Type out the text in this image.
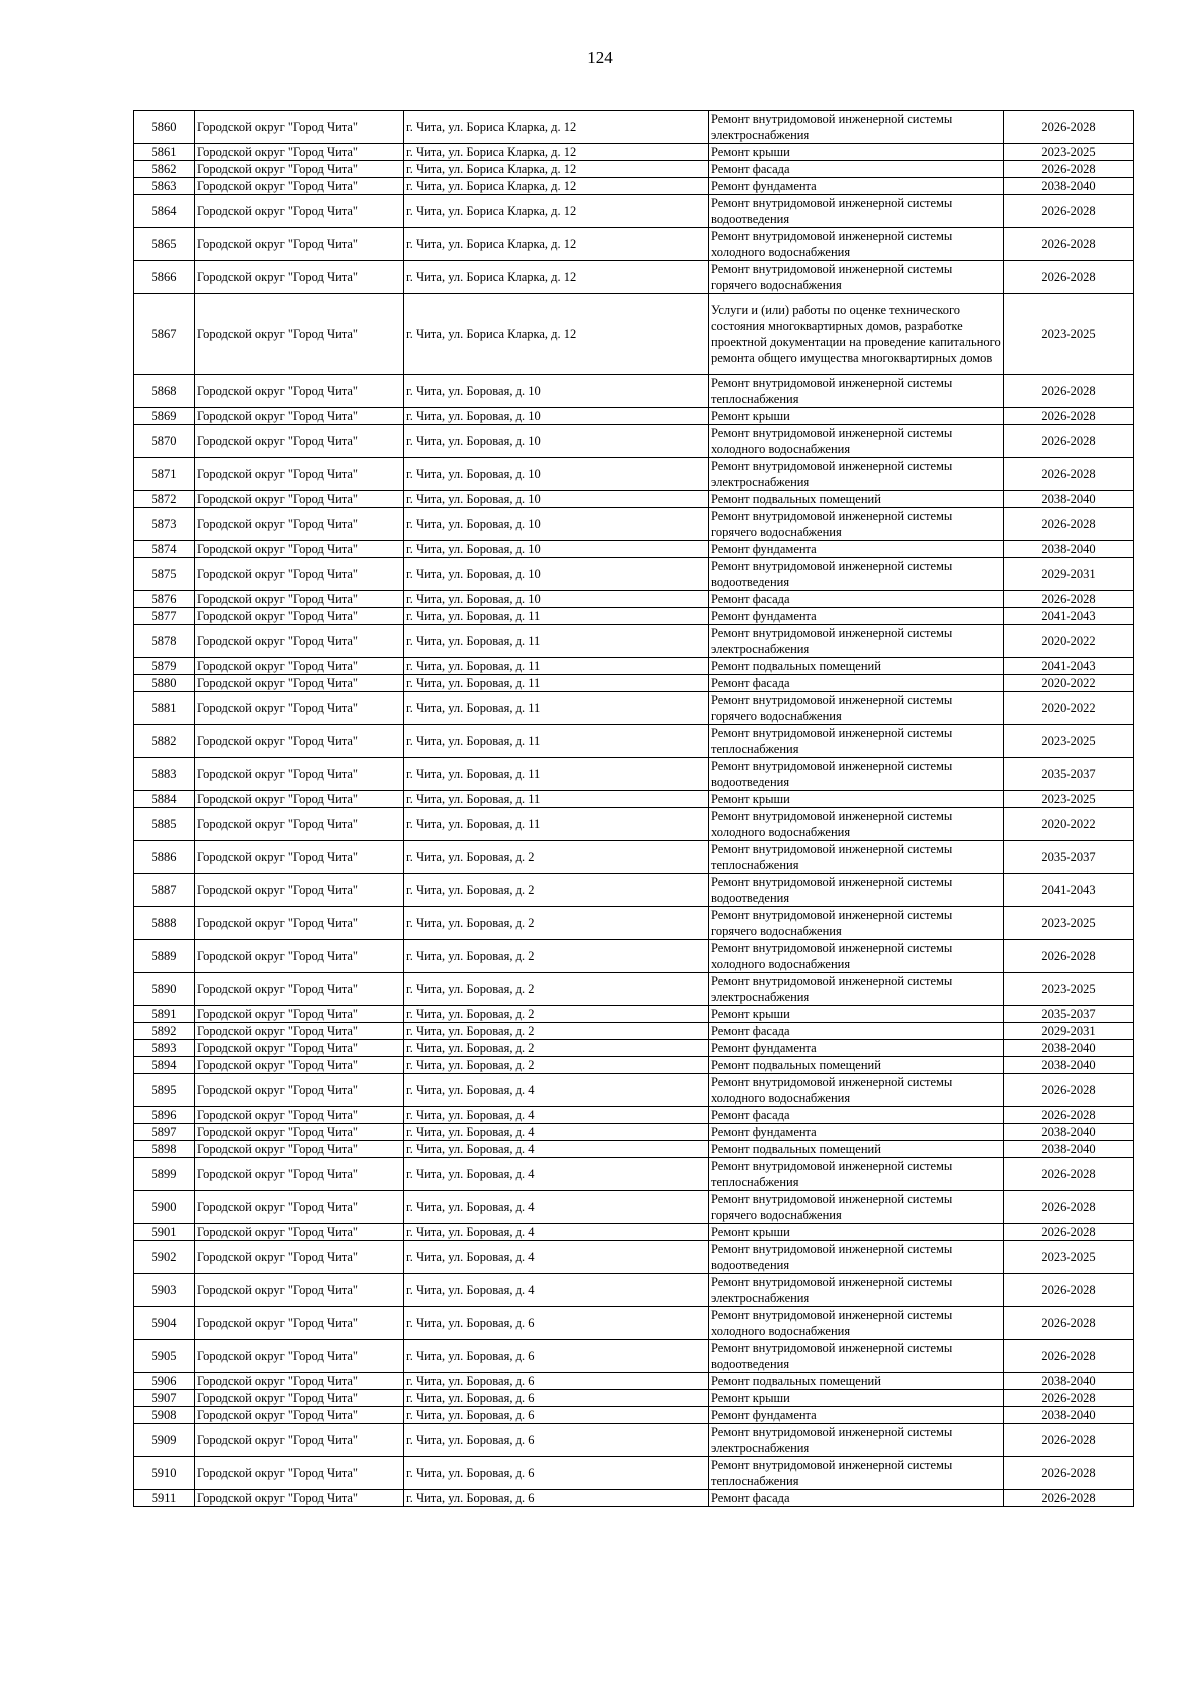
124
5860	Городской округ "Город Чита"	г. Чита, ул. Бориса Кларка, д. 12	Ремонт внутридомовой инженерной системы электроснабжения	2026-2028
5861	Городской округ "Город Чита"	г. Чита, ул. Бориса Кларка, д. 12	Ремонт крыши	2023-2025
5862	Городской округ "Город Чита"	г. Чита, ул. Бориса Кларка, д. 12	Ремонт фасада	2026-2028
5863	Городской округ "Город Чита"	г. Чита, ул. Бориса Кларка, д. 12	Ремонт фундамента	2038-2040
5864	Городской округ "Город Чита"	г. Чита, ул. Бориса Кларка, д. 12	Ремонт внутридомовой инженерной системы водоотведения	2026-2028
5865	Городской округ "Город Чита"	г. Чита, ул. Бориса Кларка, д. 12	Ремонт внутридомовой инженерной системы холодного водоснабжения	2026-2028
5866	Городской округ "Город Чита"	г. Чита, ул. Бориса Кларка, д. 12	Ремонт внутридомовой инженерной системы горячего водоснабжения	2026-2028
5867	Городской округ "Город Чита"	г. Чита, ул. Бориса Кларка, д. 12	Услуги и (или) работы по оценке технического состояния многоквартирных домов, разработке проектной документации на проведение капитального ремонта общего имущества многоквартирных домов	2023-2025
5868	Городской округ "Город Чита"	г. Чита, ул. Боровая, д. 10	Ремонт внутридомовой инженерной системы теплоснабжения	2026-2028
5869	Городской округ "Город Чита"	г. Чита, ул. Боровая, д. 10	Ремонт крыши	2026-2028
5870	Городской округ "Город Чита"	г. Чита, ул. Боровая, д. 10	Ремонт внутридомовой инженерной системы холодного водоснабжения	2026-2028
5871	Городской округ "Город Чита"	г. Чита, ул. Боровая, д. 10	Ремонт внутридомовой инженерной системы электроснабжения	2026-2028
5872	Городской округ "Город Чита"	г. Чита, ул. Боровая, д. 10	Ремонт подвальных помещений	2038-2040
5873	Городской округ "Город Чита"	г. Чита, ул. Боровая, д. 10	Ремонт внутридомовой инженерной системы горячего водоснабжения	2026-2028
5874	Городской округ "Город Чита"	г. Чита, ул. Боровая, д. 10	Ремонт фундамента	2038-2040
5875	Городской округ "Город Чита"	г. Чита, ул. Боровая, д. 10	Ремонт внутридомовой инженерной системы водоотведения	2029-2031
5876	Городской округ "Город Чита"	г. Чита, ул. Боровая, д. 10	Ремонт фасада	2026-2028
5877	Городской округ "Город Чита"	г. Чита, ул. Боровая, д. 11	Ремонт фундамента	2041-2043
5878	Городской округ "Город Чита"	г. Чита, ул. Боровая, д. 11	Ремонт внутридомовой инженерной системы электроснабжения	2020-2022
5879	Городской округ "Город Чита"	г. Чита, ул. Боровая, д. 11	Ремонт подвальных помещений	2041-2043
5880	Городской округ "Город Чита"	г. Чита, ул. Боровая, д. 11	Ремонт фасада	2020-2022
5881	Городской округ "Город Чита"	г. Чита, ул. Боровая, д. 11	Ремонт внутридомовой инженерной системы горячего водоснабжения	2020-2022
5882	Городской округ "Город Чита"	г. Чита, ул. Боровая, д. 11	Ремонт внутридомовой инженерной системы теплоснабжения	2023-2025
5883	Городской округ "Город Чита"	г. Чита, ул. Боровая, д. 11	Ремонт внутридомовой инженерной системы водоотведения	2035-2037
5884	Городской округ "Город Чита"	г. Чита, ул. Боровая, д. 11	Ремонт крыши	2023-2025
5885	Городской округ "Город Чита"	г. Чита, ул. Боровая, д. 11	Ремонт внутридомовой инженерной системы холодного водоснабжения	2020-2022
5886	Городской округ "Город Чита"	г. Чита, ул. Боровая, д. 2	Ремонт внутридомовой инженерной системы теплоснабжения	2035-2037
5887	Городской округ "Город Чита"	г. Чита, ул. Боровая, д. 2	Ремонт внутридомовой инженерной системы водоотведения	2041-2043
5888	Городской округ "Город Чита"	г. Чита, ул. Боровая, д. 2	Ремонт внутридомовой инженерной системы горячего водоснабжения	2023-2025
5889	Городской округ "Город Чита"	г. Чита, ул. Боровая, д. 2	Ремонт внутридомовой инженерной системы холодного водоснабжения	2026-2028
5890	Городской округ "Город Чита"	г. Чита, ул. Боровая, д. 2	Ремонт внутридомовой инженерной системы электроснабжения	2023-2025
5891	Городской округ "Город Чита"	г. Чита, ул. Боровая, д. 2	Ремонт крыши	2035-2037
5892	Городской округ "Город Чита"	г. Чита, ул. Боровая, д. 2	Ремонт фасада	2029-2031
5893	Городской округ "Город Чита"	г. Чита, ул. Боровая, д. 2	Ремонт фундамента	2038-2040
5894	Городской округ "Город Чита"	г. Чита, ул. Боровая, д. 2	Ремонт подвальных помещений	2038-2040
5895	Городской округ "Город Чита"	г. Чита, ул. Боровая, д. 4	Ремонт внутридомовой инженерной системы холодного водоснабжения	2026-2028
5896	Городской округ "Город Чита"	г. Чита, ул. Боровая, д. 4	Ремонт фасада	2026-2028
5897	Городской округ "Город Чита"	г. Чита, ул. Боровая, д. 4	Ремонт фундамента	2038-2040
5898	Городской округ "Город Чита"	г. Чита, ул. Боровая, д. 4	Ремонт подвальных помещений	2038-2040
5899	Городской округ "Город Чита"	г. Чита, ул. Боровая, д. 4	Ремонт внутридомовой инженерной системы теплоснабжения	2026-2028
5900	Городской округ "Город Чита"	г. Чита, ул. Боровая, д. 4	Ремонт внутридомовой инженерной системы горячего водоснабжения	2026-2028
5901	Городской округ "Город Чита"	г. Чита, ул. Боровая, д. 4	Ремонт крыши	2026-2028
5902	Городской округ "Город Чита"	г. Чита, ул. Боровая, д. 4	Ремонт внутридомовой инженерной системы водоотведения	2023-2025
5903	Городской округ "Город Чита"	г. Чита, ул. Боровая, д. 4	Ремонт внутридомовой инженерной системы электроснабжения	2026-2028
5904	Городской округ "Город Чита"	г. Чита, ул. Боровая, д. 6	Ремонт внутридомовой инженерной системы холодного водоснабжения	2026-2028
5905	Городской округ "Город Чита"	г. Чита, ул. Боровая, д. 6	Ремонт внутридомовой инженерной системы водоотведения	2026-2028
5906	Городской округ "Город Чита"	г. Чита, ул. Боровая, д. 6	Ремонт подвальных помещений	2038-2040
5907	Городской округ "Город Чита"	г. Чита, ул. Боровая, д. 6	Ремонт крыши	2026-2028
5908	Городской округ "Город Чита"	г. Чита, ул. Боровая, д. 6	Ремонт фундамента	2038-2040
5909	Городской округ "Город Чита"	г. Чита, ул. Боровая, д. 6	Ремонт внутридомовой инженерной системы электроснабжения	2026-2028
5910	Городской округ "Город Чита"	г. Чита, ул. Боровая, д. 6	Ремонт внутридомовой инженерной системы теплоснабжения	2026-2028
5911	Городской округ "Город Чита"	г. Чита, ул. Боровая, д. 6	Ремонт фасада	2026-2028
